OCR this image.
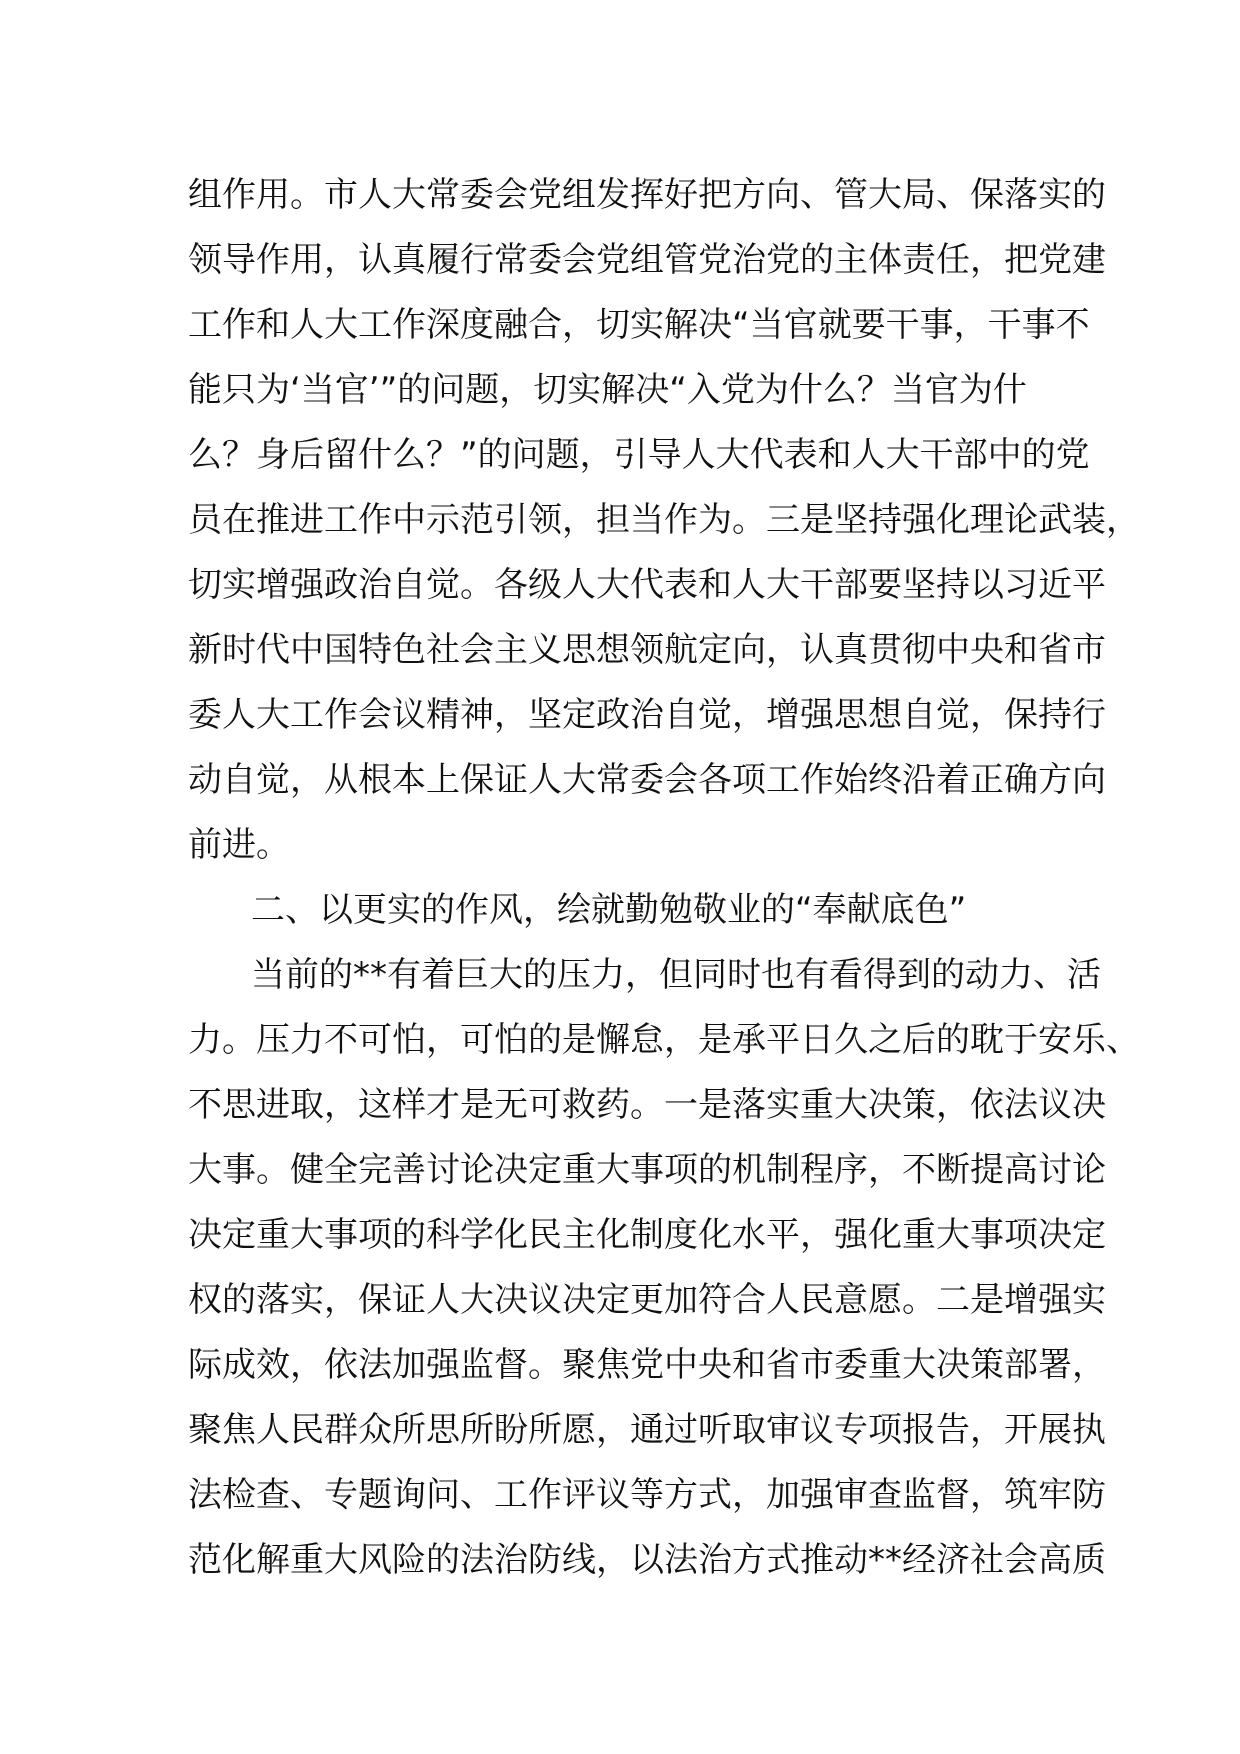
组作用。市人大常委会党组发挥好把方向、管大局、保落实的
领导作用，认真履行常委会党组管党治党的主体责任，把党建
工作和人大工作深度融合，切实解决“当官就要干事，干事不
能只为‘当官’”的问题，切实解决“入党为什么？当官为什
么？身后留什么？”的问题，引导人大代表和人大干部中的党
员在推进工作中示范引领，担当作为。三是坚持强化理论武装，
切实增强政治自觉。各级人大代表和人大干部要坚持以习近平
新时代中国特色社会主义思想领航定向，认真贯彻中央和省市
委人大工作会议精神，坚定政治自觉，增强思想自觉，保持行
动自觉，从根本上保证人大常委会各项工作始终沿着正确方向
前进。
二、以更实的作风，绘就勤勉敬业的“奉献底色”
当前的**有着巨大的压力，但同时也有看得到的动力、活
力。压力不可怕，可怕的是懈怠，是承平日久之后的耽于安乐、
不思进取，这样才是无可救药。一是落实重大决策，依法议决
大事。健全完善讨论决定重大事项的机制程序，不断提高讨论
决定重大事项的科学化民主化制度化水平，强化重大事项决定
权的落实，保证人大决议决定更加符合人民意愿。二是增强实
际成效，依法加强监督。聚焦党中央和省市委重大决策部署，
聚焦人民群众所思所盼所愿，通过听取审议专项报告，开展执
法检查、专题询问、工作评议等方式，加强审查监督，筑牢防
范化解重大风险的法治防线，以法治方式推动**经济社会高质
